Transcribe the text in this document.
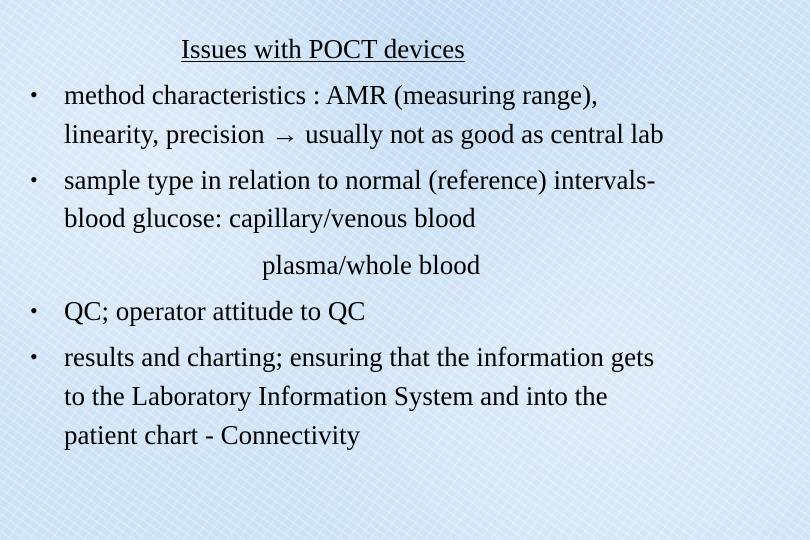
Issues with POCT devices
• method characteristics : AMR (measuring range),
linearity, precision → usually not as good as central lab
• sample type in relation to normal (reference) intervals-
blood glucose: capillary/venous blood
plasma/whole blood
• QC; operator attitude to QC
• results and charting; ensuring that the information gets
to the Laboratory Information System and into the
patient chart - Connectivity
